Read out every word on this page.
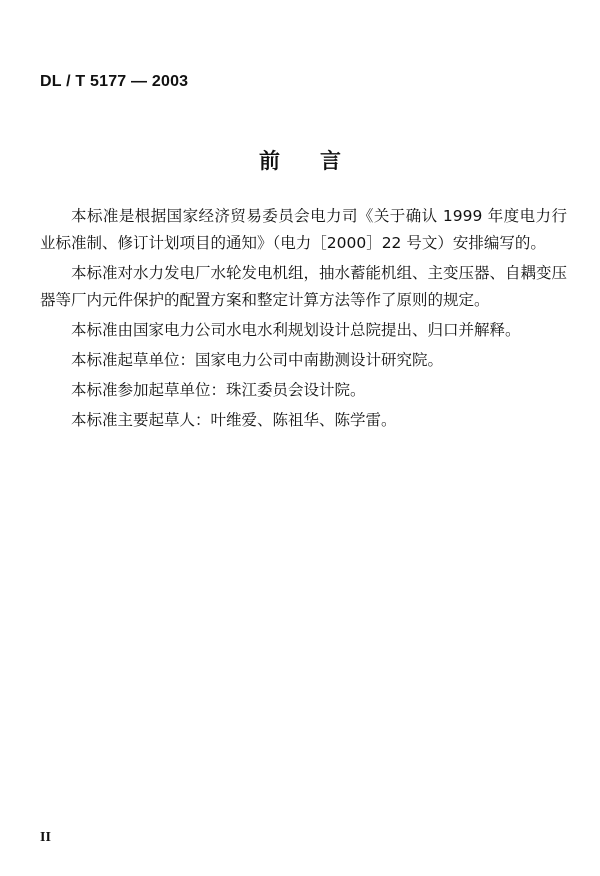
DL / T 5177 — 2003
前 言

本标准是根据国家经济贸易委员会电力司《关于确认 1999 年度电力行业标准制、修订计划项目的通知》（电力［2000］22 号文）安排编写的。

本标准对水力发电厂水轮发电机组，抽水蓄能机组、主变压器、自耦变压器等厂内元件保护的配置方案和整定计算方法等作了原则的规定。

本标准由国家电力公司水电水利规划设计总院提出、归口并解释。

本标准起草单位：国家电力公司中南勘测设计研究院。

本标准参加起草单位：珠江委员会设计院。

本标准主要起草人：叶维爱、陈祖华、陈学雷。

II
